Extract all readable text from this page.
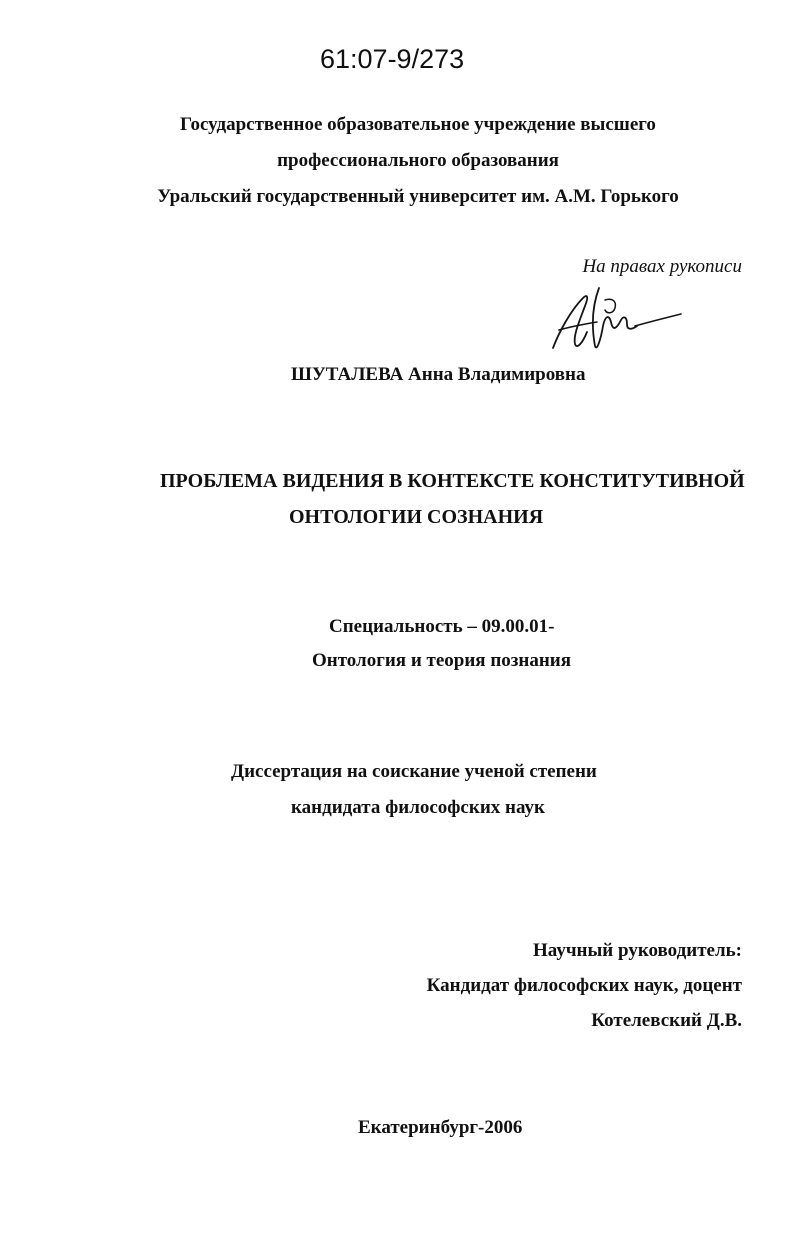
61:07-9/273
Государственное образовательное учреждение высшего
профессионального образования
Уральский государственный университет им. А.М. Горького
На правах рукописи
ШУТАЛЕВА Анна Владимировна
ПРОБЛЕМА ВИДЕНИЯ В КОНТЕКСТЕ КОНСТИТУТИВНОЙ
ОНТОЛОГИИ СОЗНАНИЯ
Специальность – 09.00.01-
Онтология и теория познания
Диссертация на соискание ученой степени
кандидата философских наук
Научный руководитель:
Кандидат философских наук, доцент
Котелевский Д.В.
Екатеринбург-2006
